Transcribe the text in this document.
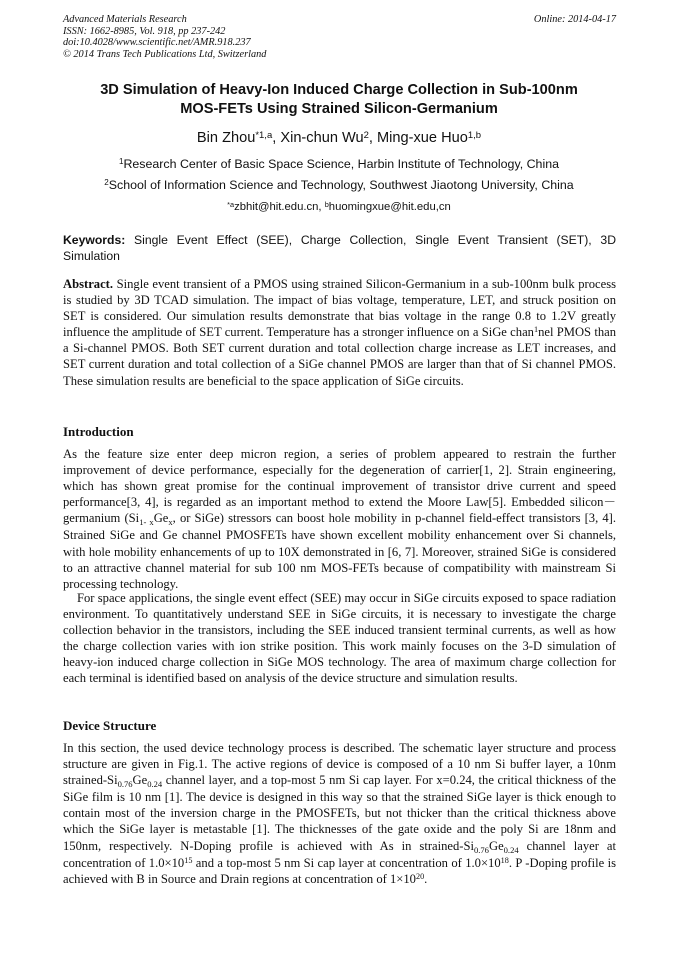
Advanced Materials Research
ISSN: 1662-8985, Vol. 918, pp 237-242
doi:10.4028/www.scientific.net/AMR.918.237
© 2014 Trans Tech Publications Ltd, Switzerland
Online: 2014-04-17
3D Simulation of Heavy-Ion Induced Charge Collection in Sub-100nm
MOS-FETs Using Strained Silicon-Germanium
Bin Zhou$^{*1,a}$, Xin-chun Wu$^2$, Ming-xue Huo$^{1,b}$
$^1$Research Center of Basic Space Science, Harbin Institute of Technology, China
$^2$School of Information Science and Technology, Southwest Jiaotong University, China
$^{*a}$zbhit@hit.edu.cn, $^b$huomingxue@hit.edu,cn
Keywords: Single Event Effect (SEE), Charge Collection, Single Event Transient (SET), 3D Simulation
Abstract. Single event transient of a PMOS using strained Silicon-Germanium in a sub-100nm bulk process is studied by 3D TCAD simulation. The impact of bias voltage, temperature, LET, and struck position on SET is considered. Our simulation results demonstrate that bias voltage in the range 0.8 to 1.2V greatly influence the amplitude of SET current. Temperature has a stronger influence on a SiGe chan$^1$nel PMOS than a Si-channel PMOS. Both SET current duration and total collection charge increase as LET increases, and SET current duration and total collection of a SiGe channel PMOS are larger than that of Si channel PMOS. These simulation results are beneficial to the space application of SiGe circuits.
Introduction
As the feature size enter deep micron region, a series of problem appeared to restrain the further improvement of device performance, especially for the degeneration of carrier[1, 2]. Strain engineering, which has shown great promise for the continual improvement of transistor drive current and speed performance[3, 4], is regarded as an important method to extend the Moore Law[5]. Embedded silicon－germanium ($Si_{1- x}Ge_x$, or SiGe) stressors can boost hole mobility in p-channel field-effect transistors [3, 4]. Strained SiGe and Ge channel PMOSFETs have shown excellent mobility enhancement over Si channels, with hole mobility enhancements of up to 10X demonstrated in [6, 7]. Moreover, strained SiGe is considered to an attractive channel material for sub 100 nm MOS-FETs because of compatibility with mainstream Si processing technology.
For space applications, the single event effect (SEE) may occur in SiGe circuits exposed to space radiation environment. To quantitatively understand SEE in SiGe circuits, it is necessary to investigate the charge collection behavior in the transistors, including the SEE induced transient terminal currents, as well as how the charge collection varies with ion strike position. This work mainly focuses on the 3-D simulation of heavy-ion induced charge collection in SiGe MOS technology. The area of maximum charge collection for each terminal is identified based on analysis of the device structure and simulation results.
Device Structure
In this section, the used device technology process is described. The schematic layer structure and process structure are given in Fig.1. The active regions of device is composed of a 10 nm Si buffer layer, a 10nm strained-$Si_{0.76}Ge_{0.24}$ channel layer, and a top-most 5 nm Si cap layer. For x=0.24, the critical thickness of the SiGe film is 10 nm [1]. The device is designed in this way so that the strained SiGe layer is thick enough to contain most of the inversion charge in the PMOSFETs, but not thicker than the critical thickness above which the SiGe layer is metastable [1]. The thicknesses of the gate oxide and the poly Si are 18nm and 150nm, respectively. N-Doping profile is achieved with As in strained-$Si_{0.76}Ge_{0.24}$ channel layer at concentration of $1.0\times 10^{15}$ and a top-most 5 nm Si cap layer at concentration of $1.0\times 10^{18}$. P -Doping profile is achieved with B in Source and Drain regions at concentration of $1\times 10^{20}$.
